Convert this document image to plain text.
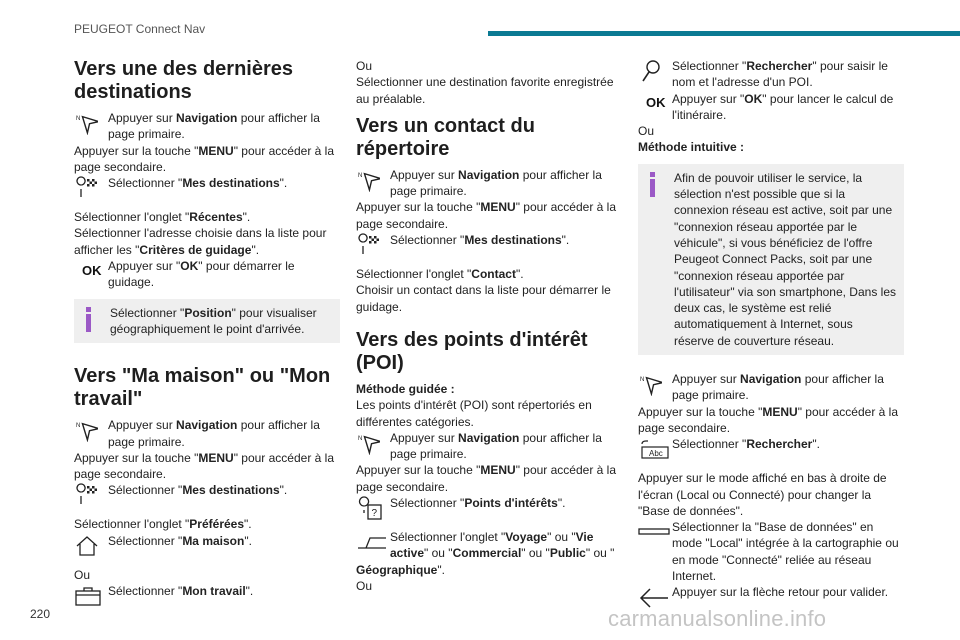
PEUGEOT Connect Nav
Vers une des dernières destinations
N Appuyer sur Navigation pour afficher la page primaire.

Appuyer sur la touche "MENU" pour accéder à la page secondaire.

Sélectionner "Mes destinations".

Sélectionner l'onglet "Récentes".

Sélectionner l'adresse choisie dans la liste pour afficher les "Critères de guidage".

OK Appuyer sur "OK" pour démarrer le guidage.

Sélectionner "Position" pour visualiser géographiquement le point d'arrivée.

Vers "Ma maison" ou "Mon travail"
N Appuyer sur Navigation pour afficher la page primaire.

Appuyer sur la touche "MENU" pour accéder à la page secondaire.

Sélectionner "Mes destinations".

Sélectionner l'onglet "Préférées".

Sélectionner "Ma maison".

Ou

Sélectionner "Mon travail".

Ou

Sélectionner une destination favorite enregistrée au préalable.

Vers un contact du répertoire
N Appuyer sur Navigation pour afficher la page primaire.

Appuyer sur la touche "MENU" pour accéder à la page secondaire.

Sélectionner "Mes destinations".

Sélectionner l'onglet "Contact".

Choisir un contact dans la liste pour démarrer le guidage.

Vers des points d'intérêt (POI)

Méthode guidée :

Les points d'intérêt (POI) sont répertoriés en différentes catégories.

N Appuyer sur Navigation pour afficher la page primaire.

Appuyer sur la touche "MENU" pour accéder à la page secondaire.

?

Sélectionner "Points d'intérêts".

Sélectionner l'onglet "Voyage" ou "Vie active" ou "Commercial" ou "Public" ou "

Géographique".

Ou

Sélectionner "Rechercher" pour saisir le nom et l'adresse d'un POI.

OK Appuyer sur "OK" pour lancer le calcul de l'itinéraire.

Ou

Méthode intuitive :

Afin de pouvoir utiliser le service, la sélection n'est possible que si la connexion réseau est active, soit par une "connexion réseau apportée par le véhicule", si vous bénéficiez de l'offre Peugeot Connect Packs, soit par une "connexion réseau apportée par l'utilisateur" via son smartphone, Dans les deux cas, le système est relié automatiquement à Internet, sous réserve de couverture réseau.

N Appuyer sur Navigation pour afficher la page primaire.

Appuyer sur la touche "MENU" pour accéder à la page secondaire.

Abc

Sélectionner "Rechercher".

Appuyer sur le mode affiché en bas à droite de l'écran (Local ou Connecté) pour changer la "Base de données".

Sélectionner la "Base de données" en mode "Local" intégrée à la cartographie ou en mode "Connecté" reliée au réseau Internet.

Appuyer sur la flèche retour pour valider.

220	carmanualsonline.info
